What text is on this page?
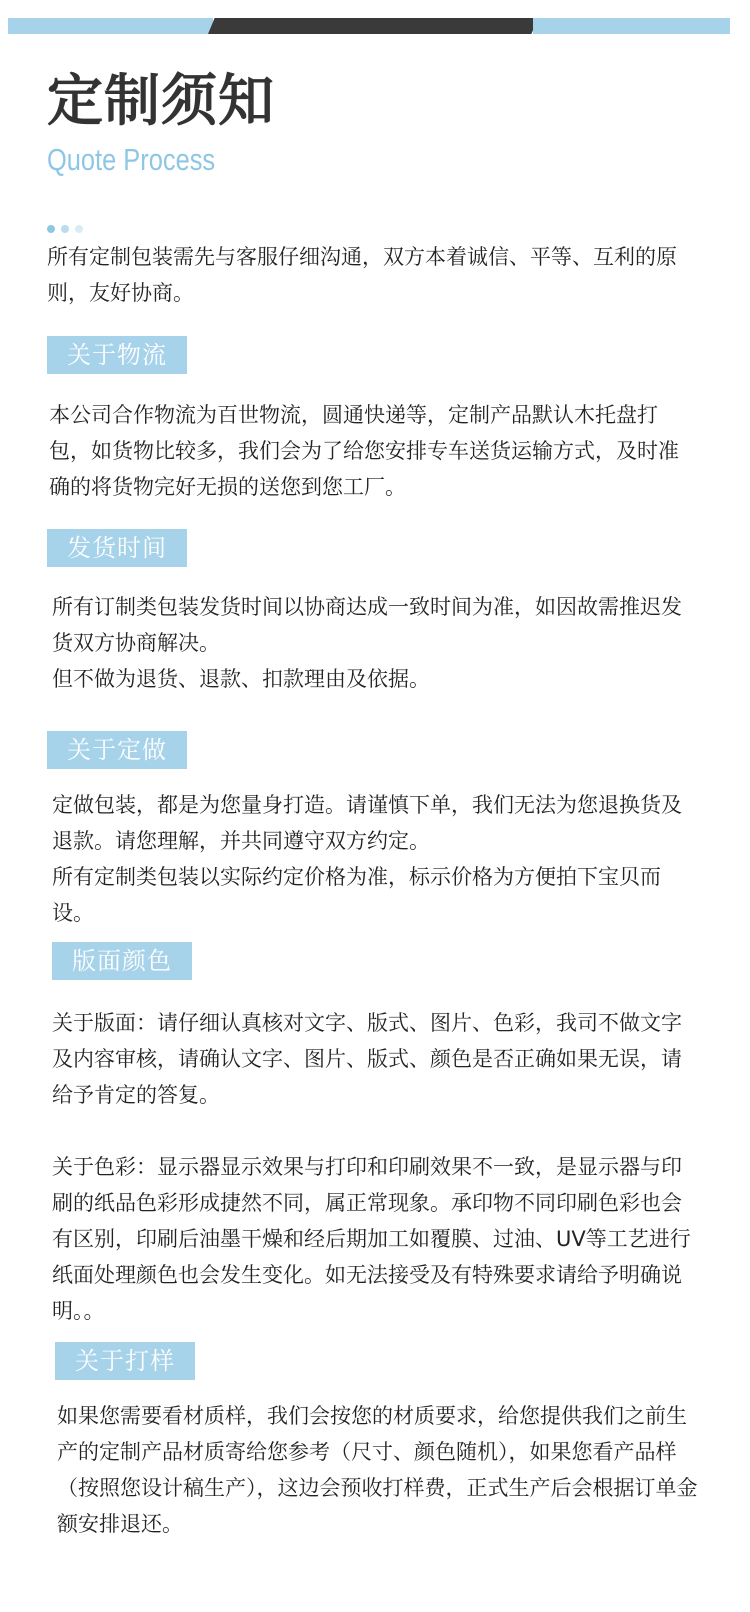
定制须知
Quote Process

所有定制包装需先与客服仔细沟通，双方本着诚信、平等、互利的原则，友好协商。

关于物流

本公司合作物流为百世物流，圆通快递等，定制产品默认木托盘打包，如货物比较多，我们会为了给您安排专车送货运输方式，及时准确的将货物完好无损的送您到您工厂。

发货时间

所有订制类包装发货时间以协商达成一致时间为准，如因故需推迟发货双方协商解决。

但不做为退货、退款、扣款理由及依据。

关于定做

定做包装，都是为您量身打造。请谨慎下单，我们无法为您退换货及退款。请您理解，并共同遵守双方约定。

所有定制类包装以实际约定价格为准，标示价格为方便拍下宝贝而设。

版面颜色

关于版面：请仔细认真核对文字、版式、图片、色彩，我司不做文字及内容审核，请确认文字、图片、版式、颜色是否正确如果无误，请给予肯定的答复。

关于色彩：显示器显示效果与打印和印刷效果不一致，是显示器与印刷的纸品色彩形成捷然不同，属正常现象。承印物不同印刷色彩也会有区别，印刷后油墨干燥和经后期加工如覆膜、过油、UV等工艺进行纸面处理颜色也会发生变化。如无法接受及有特殊要求请给予明确说明。。

关于打样

如果您需要看材质样，我们会按您的材质要求，给您提供我们之前生产的定制产品材质寄给您参考（尺寸、颜色随机），如果您看产品样（按照您设计稿生产），这边会预收打样费，正式生产后会根据订单金额安排退还。
